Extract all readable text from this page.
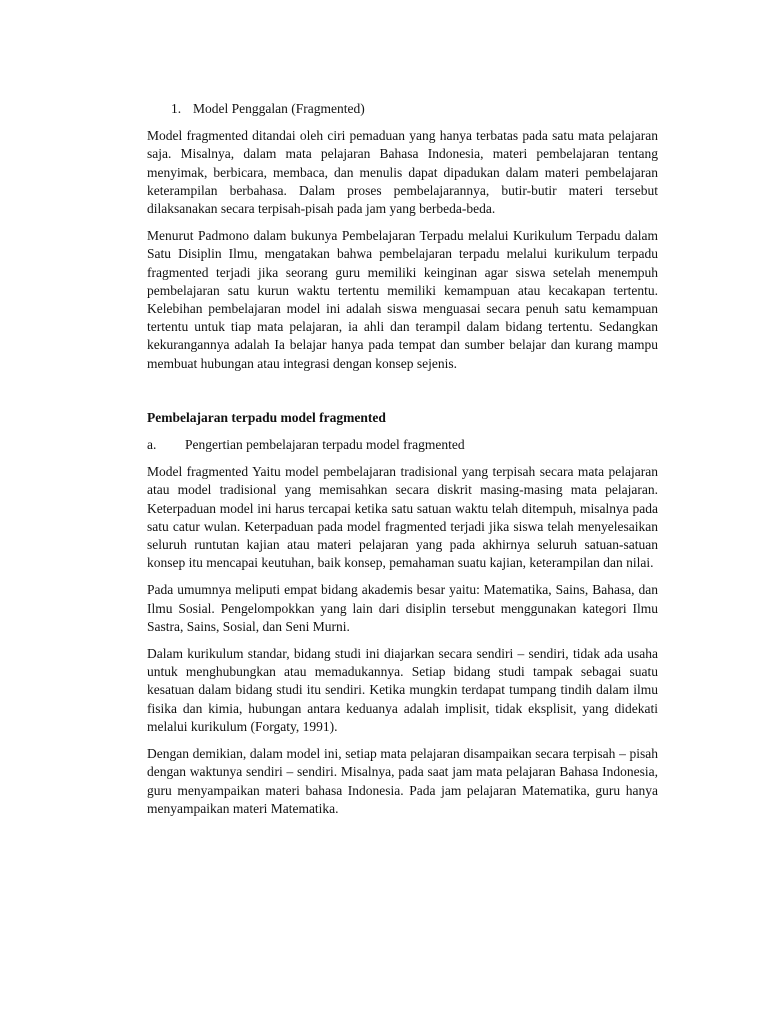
1. Model Penggalan (Fragmented)

Model fragmented ditandai oleh ciri pemaduan yang hanya terbatas pada satu mata pelajaran saja. Misalnya, dalam mata pelajaran Bahasa Indonesia, materi pembelajaran tentang menyimak, berbicara, membaca, dan menulis dapat dipadukan dalam materi pembelajaran keterampilan berbahasa. Dalam proses pembelajarannya, butir-butir materi tersebut dilaksanakan secara terpisah-pisah pada jam yang berbeda-beda.

Menurut Padmono dalam bukunya Pembelajaran Terpadu melalui Kurikulum Terpadu dalam Satu Disiplin Ilmu, mengatakan bahwa pembelajaran terpadu melalui kurikulum terpadu fragmented terjadi jika seorang guru memiliki keinginan agar siswa setelah menempuh pembelajaran satu kurun waktu tertentu memiliki kemampuan atau kecakapan tertentu. Kelebihan pembelajaran model ini adalah siswa menguasai secara penuh satu kemampuan tertentu untuk tiap mata pelajaran, ia ahli dan terampil dalam bidang tertentu. Sedangkan kekurangannya adalah Ia belajar hanya pada tempat dan sumber belajar dan kurang mampu membuat hubungan atau integrasi dengan konsep sejenis.

Pembelajaran terpadu model fragmented
a. Pengertian pembelajaran terpadu model fragmented

Model fragmented Yaitu model pembelajaran tradisional yang terpisah secara mata pelajaran atau model tradisional yang memisahkan secara diskrit masing-masing mata pelajaran. Keterpaduan model ini harus tercapai ketika satu satuan waktu telah ditempuh, misalnya pada satu catur wulan. Keterpaduan pada model fragmented terjadi jika siswa telah menyelesaikan seluruh runtutan kajian atau materi pelajaran yang pada akhirnya seluruh satuan-satuan konsep itu mencapai keutuhan, baik konsep, pemahaman suatu kajian, keterampilan dan nilai.

Pada umumnya meliputi empat bidang akademis besar yaitu: Matematika, Sains, Bahasa, dan Ilmu Sosial. Pengelompokkan yang lain dari disiplin tersebut menggunakan kategori Ilmu Sastra, Sains, Sosial, dan Seni Murni.

Dalam kurikulum standar, bidang studi ini diajarkan secara sendiri – sendiri, tidak ada usaha untuk menghubungkan atau memadukannya. Setiap bidang studi tampak sebagai suatu kesatuan dalam bidang studi itu sendiri. Ketika mungkin terdapat tumpang tindih dalam ilmu fisika dan kimia, hubungan antara keduanya adalah implisit, tidak eksplisit, yang didekati melalui kurikulum (Forgaty, 1991).

Dengan demikian, dalam model ini, setiap mata pelajaran disampaikan secara terpisah – pisah dengan waktunya sendiri – sendiri. Misalnya, pada saat jam mata pelajaran Bahasa Indonesia, guru menyampaikan materi bahasa Indonesia. Pada jam pelajaran Matematika, guru hanya menyampaikan materi Matematika.
